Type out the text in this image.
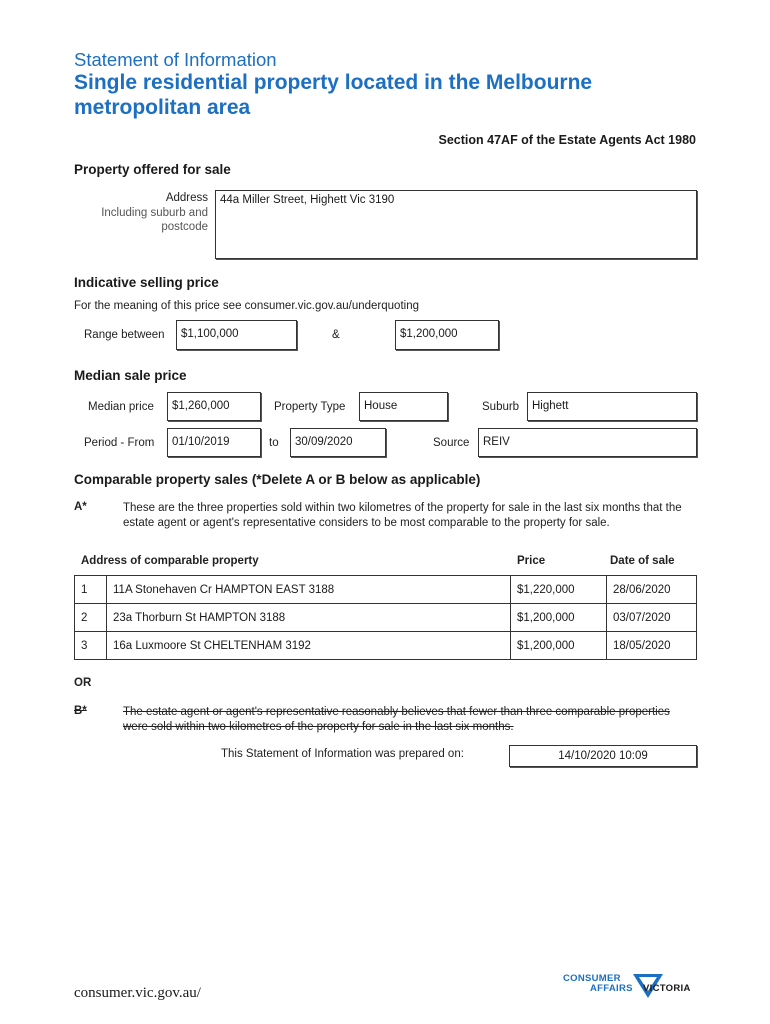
Statement of Information
Single residential property located in the Melbourne metropolitan area
Section 47AF of the Estate Agents Act 1980
Property offered for sale
Address
Including suburb and
postcode
44a Miller Street, Highett Vic 3190
Indicative selling price
For the meaning of this price see consumer.vic.gov.au/underquoting
Range between	$1,100,000	&	$1,200,000
Median sale price
Median price	$1,260,000	Property Type	House	Suburb	Highett
Period - From	01/10/2019	to	30/09/2020	Source	REIV
Comparable property sales (*Delete A or B below as applicable)
A*	These are the three properties sold within two kilometres of the property for sale in the last six months that the estate agent or agent's representative considers to be most comparable to the property for sale.
Address of comparable property	Price	Date of sale
1	11A Stonehaven Cr HAMPTON EAST 3188	$1,220,000	28/06/2020
2	23a Thorburn St HAMPTON 3188	$1,200,000	03/07/2020
3	16a Luxmoore St CHELTENHAM 3192	$1,200,000	18/05/2020
OR
B*	The estate agent or agent's representative reasonably believes that fewer than three comparable properties were sold within two kilometres of the property for sale in the last six months.
This Statement of Information was prepared on:	14/10/2020 10:09
consumer.vic.gov.au/
CONSUMER
AFFAIRS VICTORIA
